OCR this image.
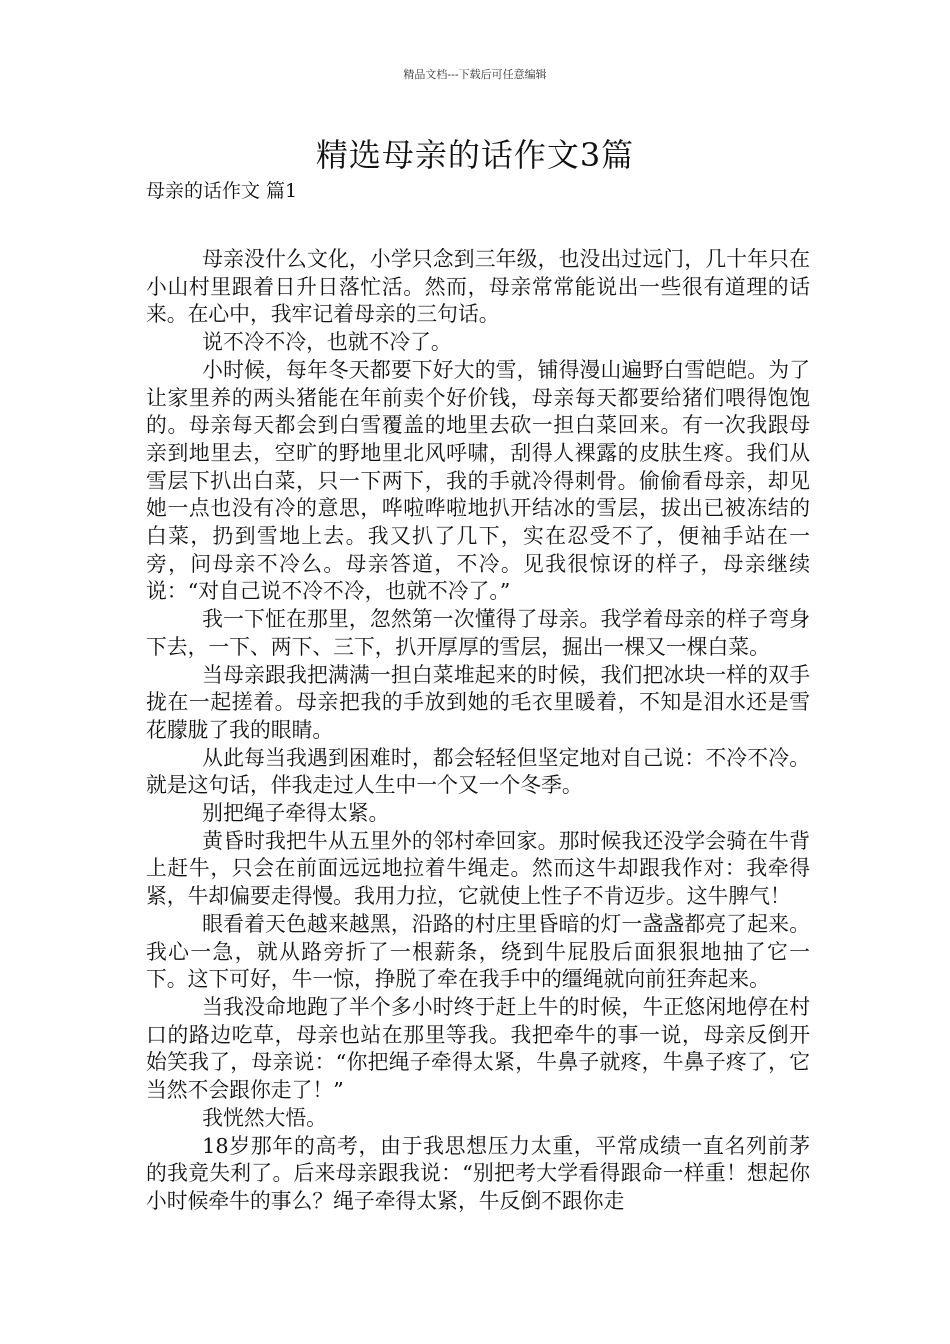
精品文档---下载后可任意编辑
精选母亲的话作文3篇
母亲的话作文 篇1

母亲没什么文化，小学只念到三年级，也没出过远门，几十年只在小山村里跟着日升日落忙活。然而，母亲常常能说出一些很有道理的话来。在心中，我牢记着母亲的三句话。

说不冷不冷，也就不冷了。

小时候，每年冬天都要下好大的雪，铺得漫山遍野白雪皑皑。为了让家里养的两头猪能在年前卖个好价钱，母亲每天都要给猪们喂得饱饱的。母亲每天都会到白雪覆盖的地里去砍一担白菜回来。有一次我跟母亲到地里去，空旷的野地里北风呼啸，刮得人裸露的皮肤生疼。我们从雪层下扒出白菜，只一下两下，我的手就冷得刺骨。偷偷看母亲，却见她一点也没有冷的意思，哗啦哗啦地扒开结冰的雪层，拔出已被冻结的白菜，扔到雪地上去。我又扒了几下，实在忍受不了，便袖手站在一旁，问母亲不冷么。母亲答道，不冷。见我很惊讶的样子，母亲继续说：“对自己说不冷不冷，也就不冷了。”

我一下怔在那里，忽然第一次懂得了母亲。我学着母亲的样子弯身下去，一下、两下、三下，扒开厚厚的雪层，掘出一棵又一棵白菜。

当母亲跟我把满满一担白菜堆起来的时候，我们把冰块一样的双手拢在一起搓着。母亲把我的手放到她的毛衣里暖着，不知是泪水还是雪花朦胧了我的眼睛。

从此每当我遇到困难时，都会轻轻但坚定地对自己说：不冷不冷。就是这句话，伴我走过人生中一个又一个冬季。

别把绳子牵得太紧。

黄昏时我把牛从五里外的邻村牵回家。那时候我还没学会骑在牛背上赶牛，只会在前面远远地拉着牛绳走。然而这牛却跟我作对：我牵得紧，牛却偏要走得慢。我用力拉，它就使上性子不肯迈步。这牛脾气！

眼看着天色越来越黑，沿路的村庄里昏暗的灯一盏盏都亮了起来。我心一急，就从路旁折了一根薪条，绕到牛屁股后面狠狠地抽了它一下。这下可好，牛一惊，挣脱了牵在我手中的缰绳就向前狂奔起来。

当我没命地跑了半个多小时终于赶上牛的时候，牛正悠闲地停在村口的路边吃草，母亲也站在那里等我。我把牵牛的事一说，母亲反倒开始笑我了，母亲说：“你把绳子牵得太紧，牛鼻子就疼，牛鼻子疼了，它当然不会跟你走了！”

我恍然大悟。

18岁那年的高考，由于我思想压力太重，平常成绩一直名列前茅的我竟失利了。后来母亲跟我说：“别把考大学看得跟命一样重！想起你小时候牵牛的事么？绳子牵得太紧，牛反倒不跟你走
